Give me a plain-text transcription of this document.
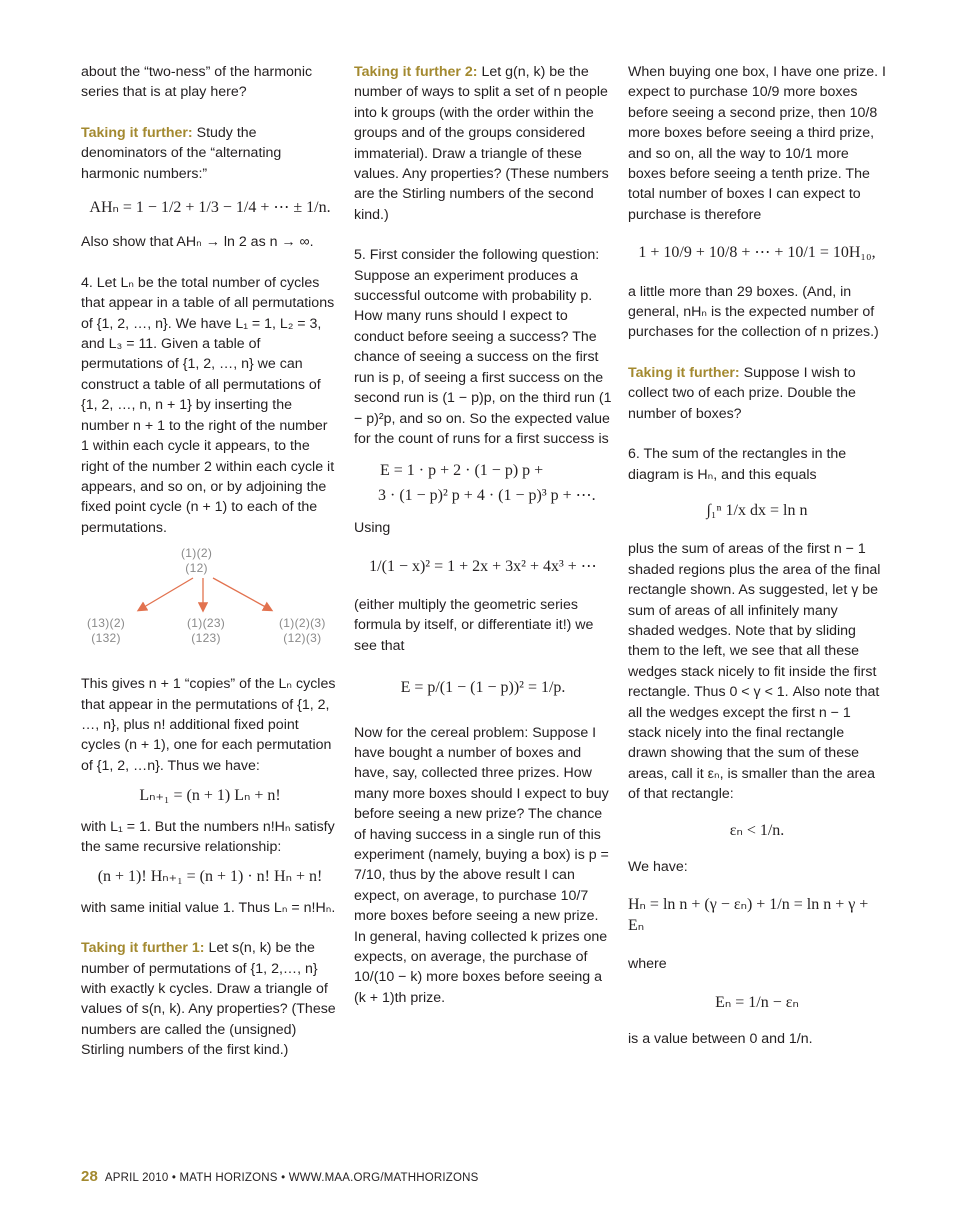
about the “two-ness” of the harmonic series that is at play here?

Taking it further: Study the denominators of the “alternating harmonic numbers:”

AHₙ = 1 − 1/2 + 1/3 − 1/4 + ⋯ ± 1/n.

Also show that AHₙ → ln 2 as n → ∞.

4. Let Lₙ be the total number of cycles that appear in a table of all permutations of {1, 2, …, n}. We have L₁ = 1, L₂ = 3, and L₃ = 11. Given a table of permutations of {1, 2, …, n} we can construct a table of all permutations of {1, 2, …, n, n + 1} by inserting the number n + 1 to the right of the number 1 within each cycle it appears, to the right of the number 2 within each cycle it appears, and so on, or by adjoining the fixed point cycle (n + 1) to each of the permutations.

(1)(2)
(12)
(13)(2)
(132)
(1)(23)
(123)
(1)(2)(3)
(12)(3)

This gives n + 1 “copies” of the Lₙ cycles that appear in the permutations of {1, 2, …, n}, plus n! additional fixed point cycles (n + 1), one for each permutation of {1, 2, …n}. Thus we have:

Lₙ₊₁ = (n + 1) Lₙ + n!

with L₁ = 1. But the numbers n!Hₙ satisfy the same recursive relationship:

(n + 1)! Hₙ₊₁ = (n + 1) · n! Hₙ + n!

with same initial value 1. Thus Lₙ = n!Hₙ.

Taking it further 1: Let s(n, k) be the number of permutations of {1, 2,…, n} with exactly k cycles. Draw a triangle of values of s(n, k). Any properties? (These numbers are called the (unsigned) Stirling numbers of the first kind.)

Taking it further 2: Let g(n, k) be the number of ways to split a set of n people into k groups (with the order within the groups and of the groups considered immaterial). Draw a triangle of these values. Any properties? (These numbers are the Stirling numbers of the second kind.)

5. First consider the following question: Suppose an experiment produces a successful outcome with probability p. How many runs should I expect to conduct before seeing a success? The chance of seeing a success on the first run is p, of seeing a first success on the second run is (1 − p)p, on the third run (1 − p)²p, and so on. So the expected value for the count of runs for a first success is

E = 1 · p + 2 · (1 − p) p +
3 · (1 − p)² p + 4 · (1 − p)³ p + ⋯.

Using

1/(1 − x)² = 1 + 2x + 3x² + 4x³ + ⋯

(either multiply the geometric series formula by itself, or differentiate it!) we see that

E = p/(1 − (1 − p))² = 1/p.

Now for the cereal problem: Suppose I have bought a number of boxes and have, say, collected three prizes. How many more boxes should I expect to buy before seeing a new prize? The chance of having success in a single run of this experiment (namely, buying a box) is p = 7/10, thus by the above result I can expect, on average, to purchase 10/7 more boxes before seeing a new prize. In general, having collected k prizes one expects, on average, the purchase of 10/(10 − k) more boxes before seeing a (k + 1)th prize.

When buying one box, I have one prize. I expect to purchase 10/9 more boxes before seeing a second prize, then 10/8 more boxes before seeing a third prize, and so on, all the way to 10/1 more boxes before seeing a tenth prize. The total number of boxes I can expect to purchase is therefore

1 + 10/9 + 10/8 + ⋯ + 10/1 = 10H₁₀,

a little more than 29 boxes. (And, in general, nHₙ is the expected number of purchases for the collection of n prizes.)

Taking it further: Suppose I wish to collect two of each prize. Double the number of boxes?

6. The sum of the rectangles in the diagram is Hₙ, and this equals

∫₁ⁿ 1/x dx = ln n

plus the sum of areas of the first n − 1 shaded regions plus the area of the final rectangle shown. As suggested, let γ be sum of areas of all infinitely many shaded wedges. Note that by sliding them to the left, we see that all these wedges stack nicely to fit inside the first rectangle. Thus 0 < γ < 1. Also note that all the wedges except the first n − 1 stack nicely into the final rectangle drawn showing that the sum of these areas, call it εₙ, is smaller than the area of that rectangle:

εₙ < 1/n.

We have:

Hₙ = ln n + (γ − εₙ) + 1/n = ln n + γ + Eₙ

where

Eₙ = 1/n − εₙ

is a value between 0 and 1/n.

28 APRIL 2010 • MATH HORIZONS • WWW.MAA.ORG/MATHHORIZONS
